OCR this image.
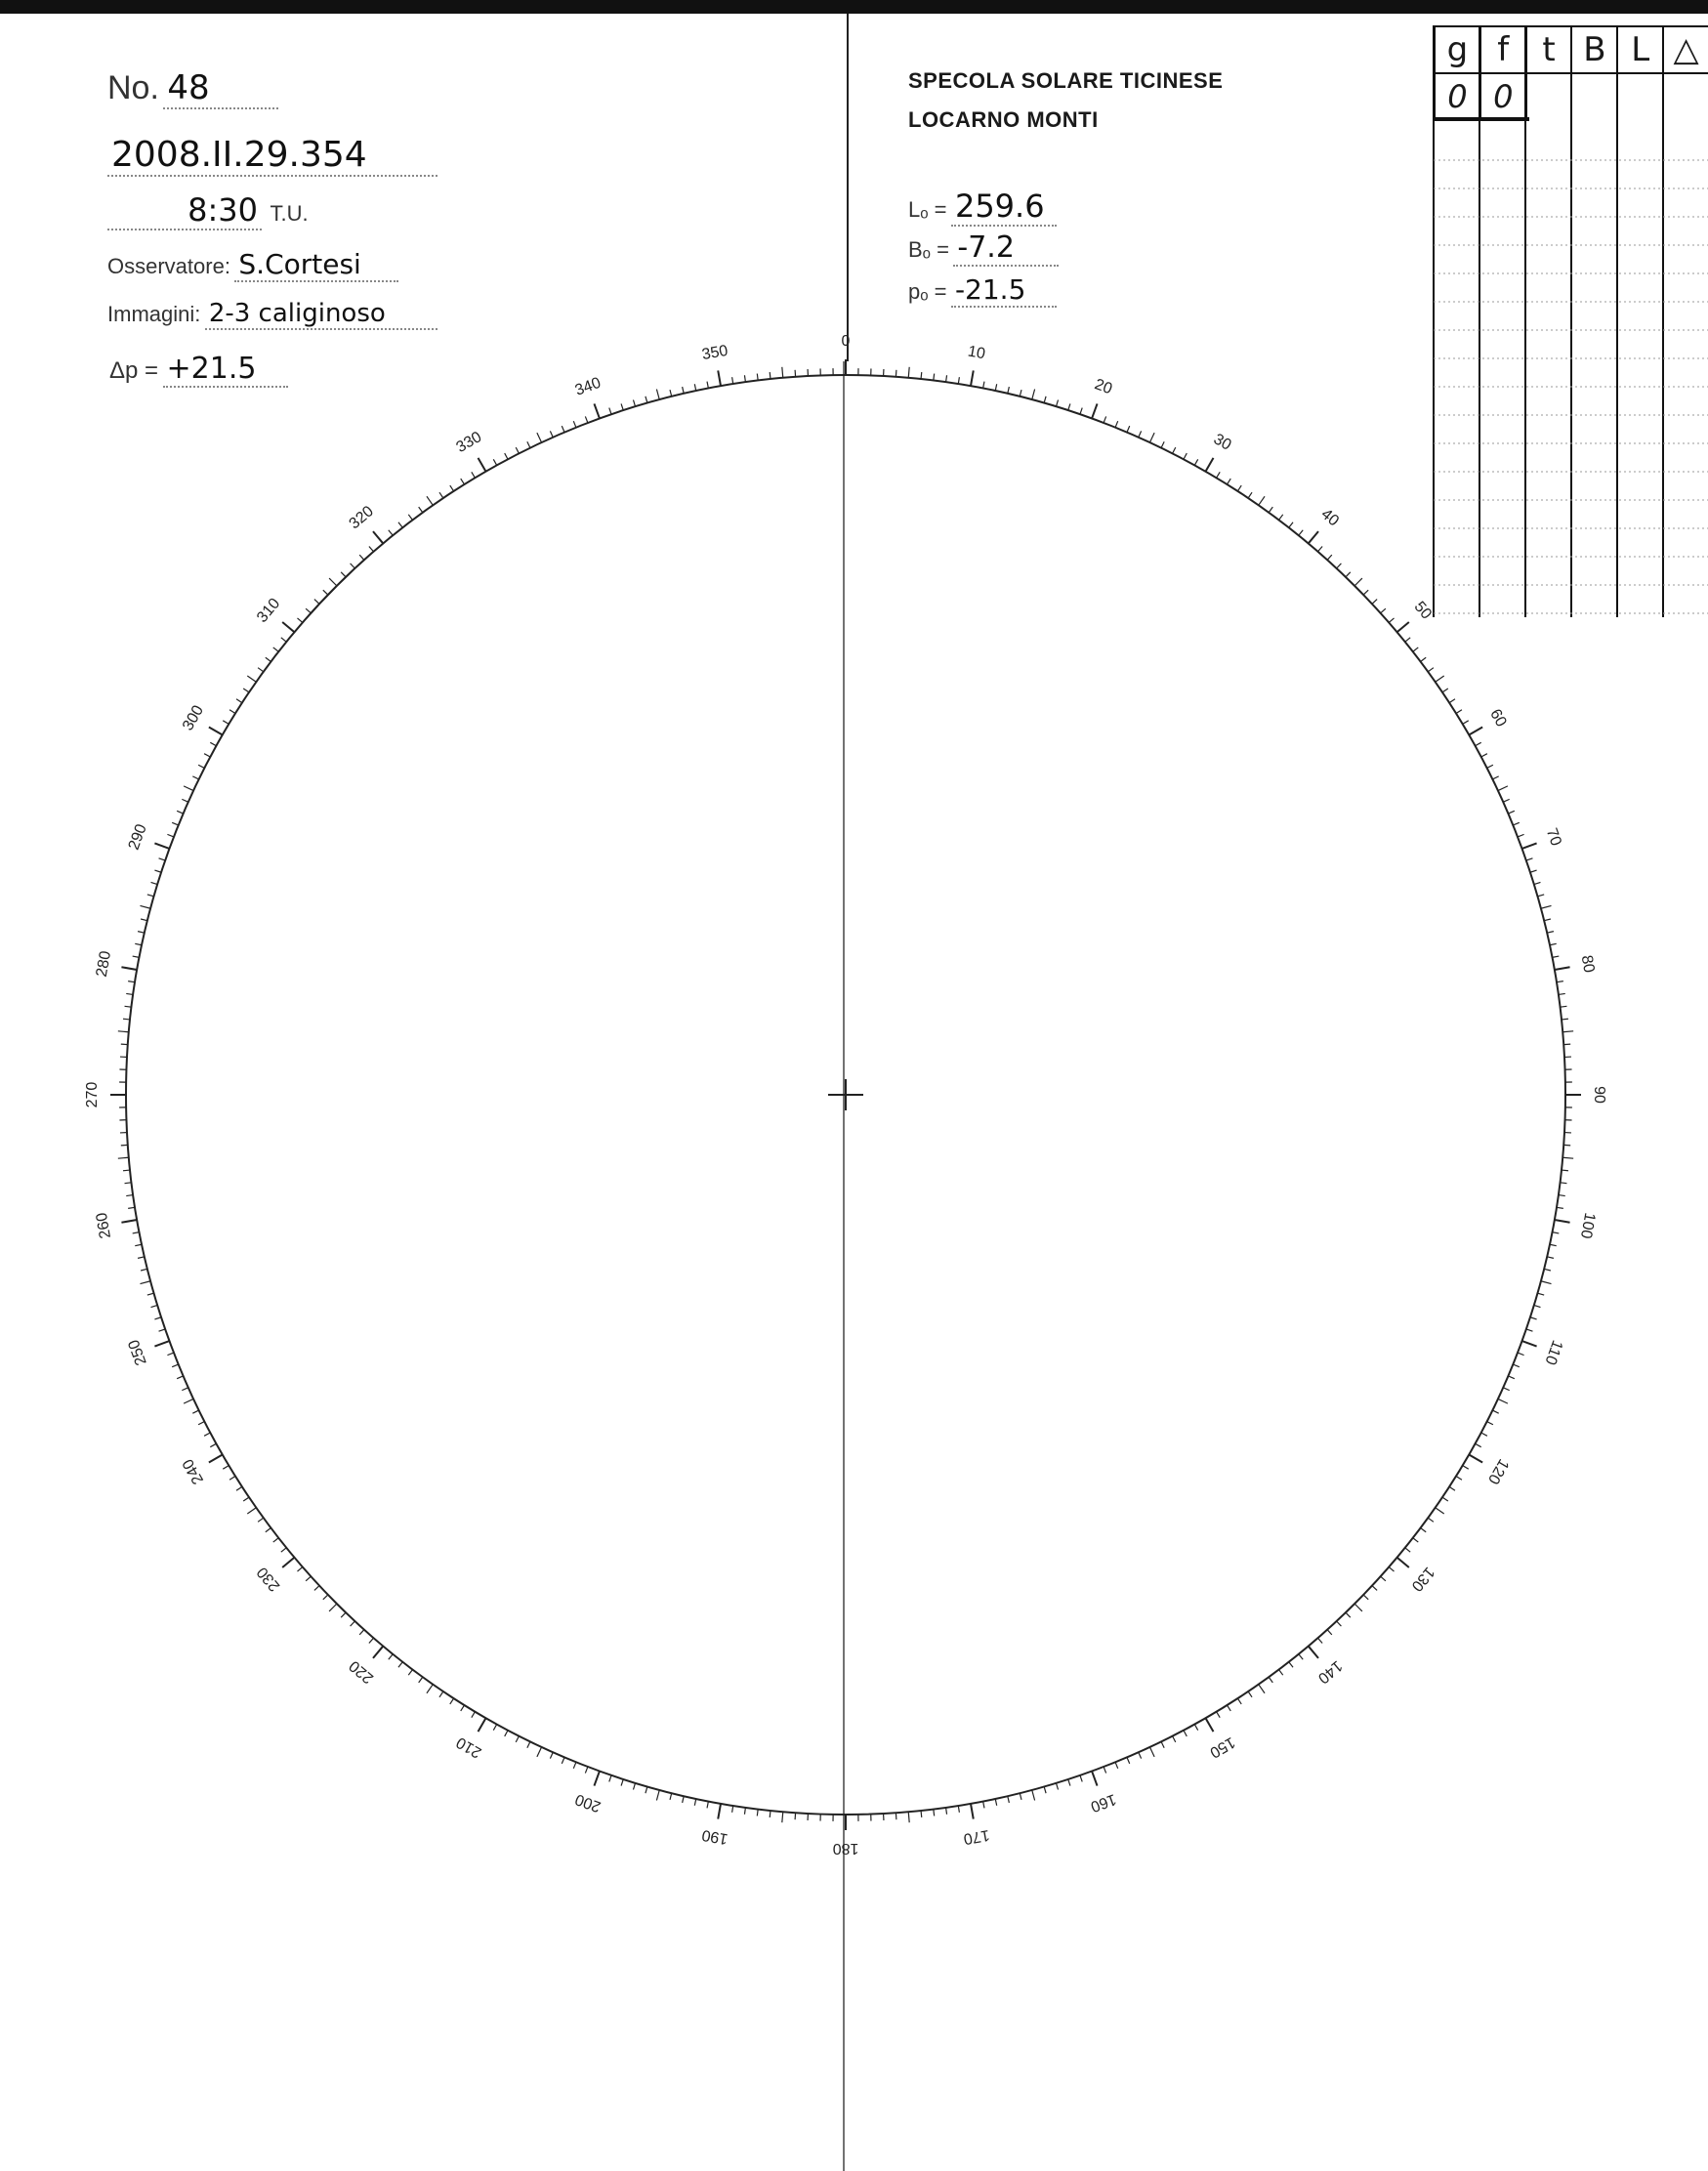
No. 48
2008.II.29.354
8:30 T.U.
Osservatore: S.Cortesi
Immagini: 2-3 caliginoso
Δp = +21.5
SPECOLA SOLARE TICINESE
LOCARNO MONTI
Lₒ = 259.6
Bₒ = -7.2
pₒ = -21.5
g f	t B L △
0 0
0
10
20
30
40
50
60
70
80
90
100
110
120
130
140
150
160
170
180
190
200
210
220
230
240
250
260
270
280
290
300
310
320
330
340
350
